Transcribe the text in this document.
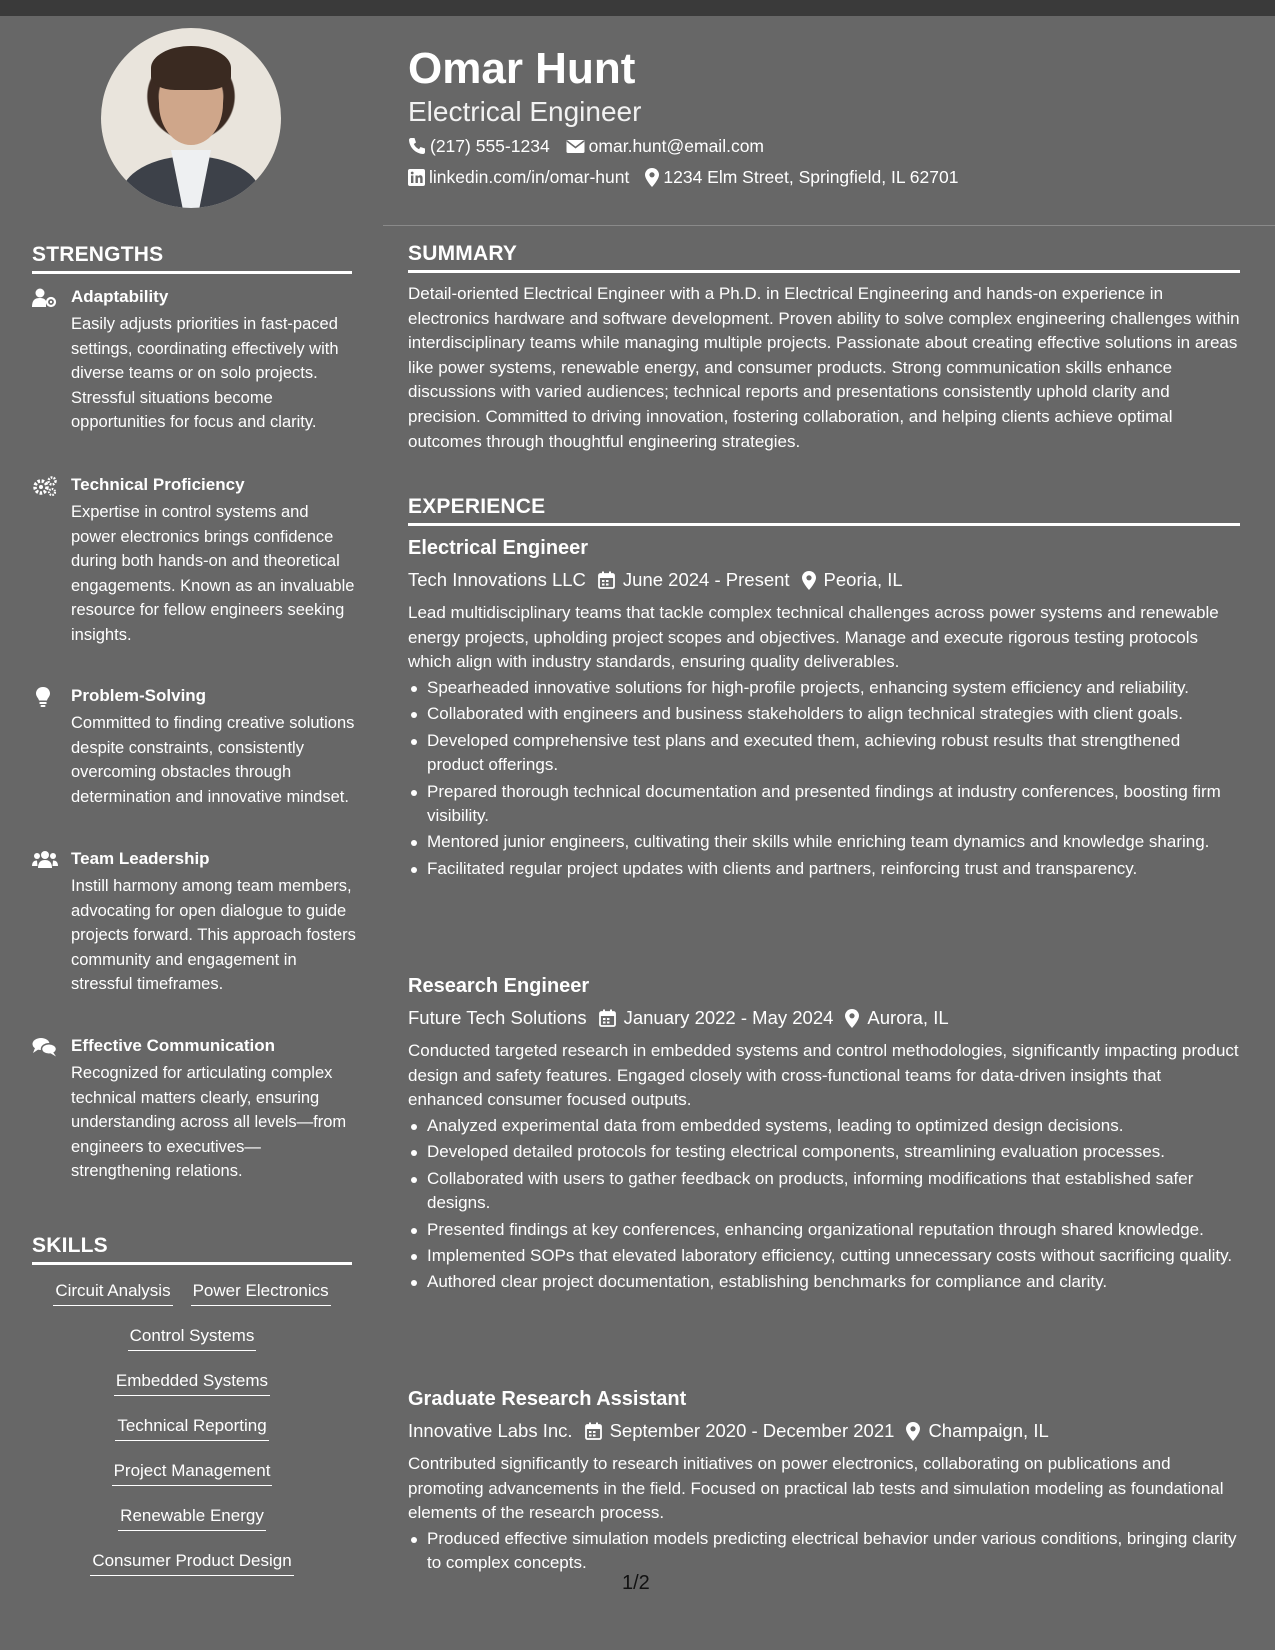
STRENGTHS
Adaptability
Easily adjusts priorities in fast-paced settings, coordinating effectively with diverse teams or on solo projects. Stressful situations become opportunities for focus and clarity.
Technical Proficiency
Expertise in control systems and power electronics brings confidence during both hands-on and theoretical engagements. Known as an invaluable resource for fellow engineers seeking insights.
Problem-Solving
Committed to finding creative solutions despite constraints, consistently overcoming obstacles through determination and innovative mindset.
Team Leadership
Instill harmony among team members, advocating for open dialogue to guide projects forward. This approach fosters community and engagement in stressful timeframes.
Effective Communication
Recognized for articulating complex technical matters clearly, ensuring understanding across all levels—from engineers to executives—strengthening relations.
SKILLS
Circuit Analysis Power Electronics
Control Systems
Embedded Systems
Technical Reporting
Project Management
Renewable Energy
Consumer Product Design
Omar Hunt
Electrical Engineer
(217) 555-1234 omar.hunt@email.com
linkedin.com/in/omar-hunt 1234 Elm Street, Springfield, IL 62701
SUMMARY
Detail-oriented Electrical Engineer with a Ph.D. in Electrical Engineering and hands-on experience in electronics hardware and software development. Proven ability to solve complex engineering challenges within interdisciplinary teams while managing multiple projects. Passionate about creating effective solutions in areas like power systems, renewable energy, and consumer products. Strong communication skills enhance discussions with varied audiences; technical reports and presentations consistently uphold clarity and precision. Committed to driving innovation, fostering collaboration, and helping clients achieve optimal outcomes through thoughtful engineering strategies.
EXPERIENCE
Electrical Engineer
Tech Innovations LLC June 2024 - Present Peoria, IL
Lead multidisciplinary teams that tackle complex technical challenges across power systems and renewable energy projects, upholding project scopes and objectives. Manage and execute rigorous testing protocols which align with industry standards, ensuring quality deliverables.
Spearheaded innovative solutions for high-profile projects, enhancing system efficiency and reliability.
Collaborated with engineers and business stakeholders to align technical strategies with client goals.
Developed comprehensive test plans and executed them, achieving robust results that strengthened product offerings.
Prepared thorough technical documentation and presented findings at industry conferences, boosting firm visibility.
Mentored junior engineers, cultivating their skills while enriching team dynamics and knowledge sharing.
Facilitated regular project updates with clients and partners, reinforcing trust and transparency.
Research Engineer
Future Tech Solutions January 2022 - May 2024 Aurora, IL
Conducted targeted research in embedded systems and control methodologies, significantly impacting product design and safety features. Engaged closely with cross-functional teams for data-driven insights that enhanced consumer focused outputs.
Analyzed experimental data from embedded systems, leading to optimized design decisions.
Developed detailed protocols for testing electrical components, streamlining evaluation processes.
Collaborated with users to gather feedback on products, informing modifications that established safer designs.
Presented findings at key conferences, enhancing organizational reputation through shared knowledge.
Implemented SOPs that elevated laboratory efficiency, cutting unnecessary costs without sacrificing quality.
Authored clear project documentation, establishing benchmarks for compliance and clarity.
Graduate Research Assistant
Innovative Labs Inc. September 2020 - December 2021 Champaign, IL
Contributed significantly to research initiatives on power electronics, collaborating on publications and promoting advancements in the field. Focused on practical lab tests and simulation modeling as foundational elements of the research process.
Produced effective simulation models predicting electrical behavior under various conditions, bringing clarity to complex concepts.
1/2
